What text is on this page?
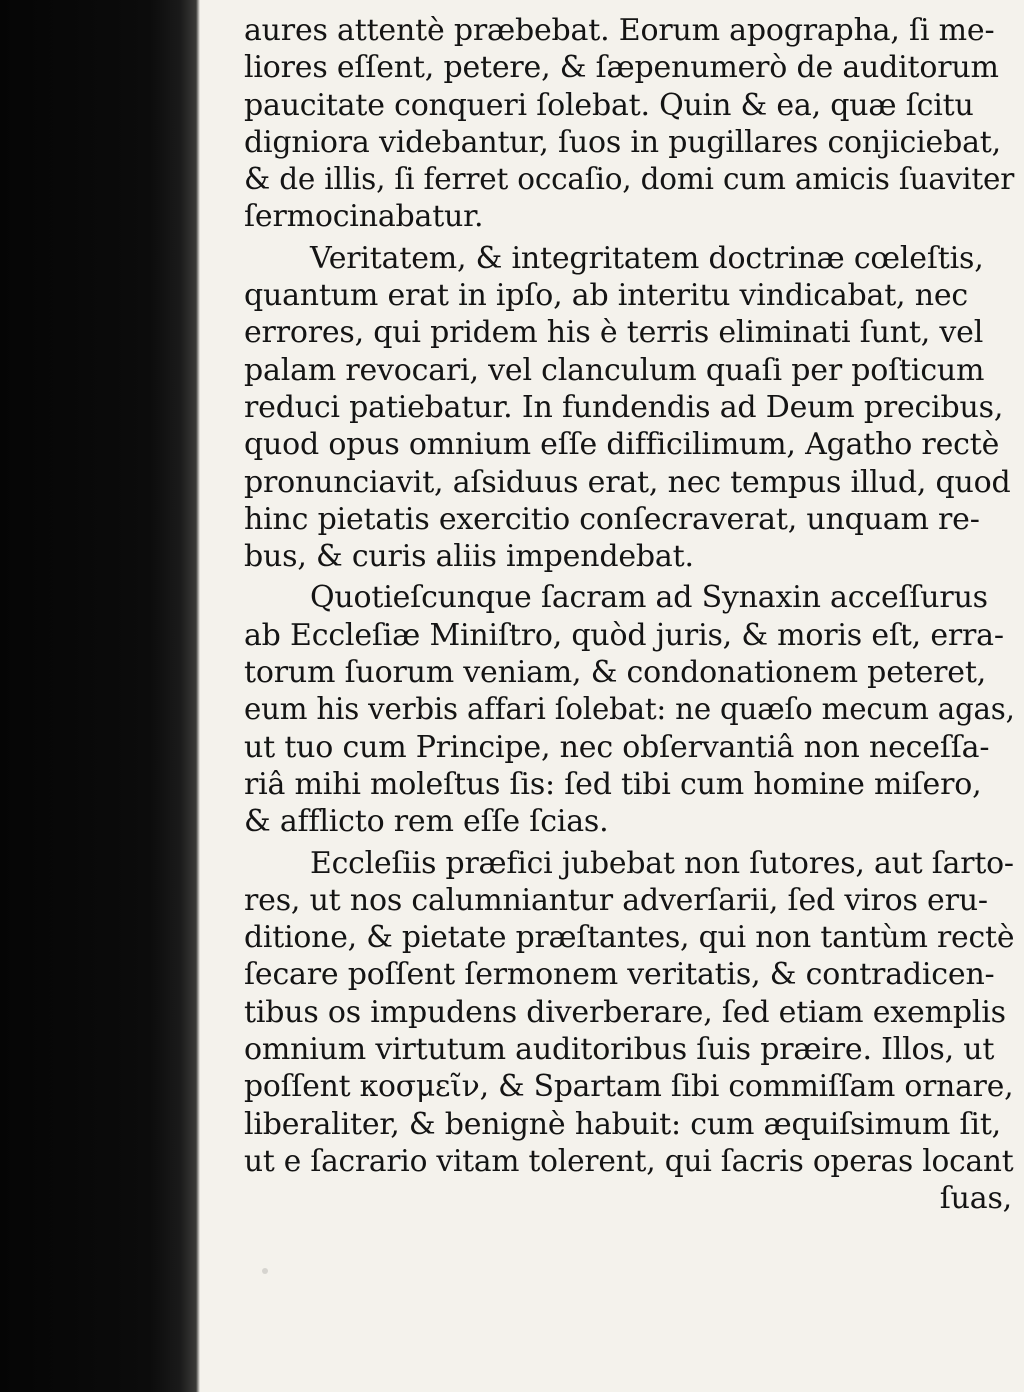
aures attentè præbebat. Eorum apographa, ſi me-
liores eſſent, petere, & ſæpenumerò de auditorum
paucitate conqueri ſolebat. Quin & ea, quæ ſcitu
digniora videbantur, ſuos in pugillares conjiciebat,
& de illis, ſi ferret occaſio, domi cum amicis ſuaviter
ſermocinabatur.
Veritatem, & integritatem doctrinæ cœleſtis,
quantum erat in ipſo, ab interitu vindicabat, nec
errores, qui pridem his è terris eliminati ſunt, vel
palam revocari, vel clanculum quaſi per poſticum
reduci patiebatur. In fundendis ad Deum precibus,
quod opus omnium eſſe difficilimum, Agatho rectè
pronunciavit, aſsiduus erat, nec tempus illud, quod
hinc pietatis exercitio conſecraverat, unquam re-
bus, & curis aliis impendebat.
Quotieſcunque ſacram ad Synaxin acceſſurus
ab Eccleſiæ Miniſtro, quòd juris, & moris eſt, erra-
torum ſuorum veniam, & condonationem peteret,
eum his verbis affari ſolebat: ne quæſo mecum agas,
ut tuo cum Principe, nec obſervantiâ non neceſſa-
riâ mihi moleſtus ſis: ſed tibi cum homine miſero,
& afflicto rem eſſe ſcias.
Eccleſiis præfici jubebat non ſutores, aut ſarto-
res, ut nos calumniantur adverſarii, ſed viros eru-
ditione, & pietate præſtantes, qui non tantùm rectè
ſecare poſſent ſermonem veritatis, & contradicen-
tibus os impudens diverberare, ſed etiam exemplis
omnium virtutum auditoribus ſuis præire. Illos, ut
poſſent κοσμεῖν, & Spartam ſibi commiſſam ornare,
liberaliter, & benignè habuit: cum æquiſsimum ſit,
ut e ſacrario vitam tolerent, qui ſacris operas locant
ſuas,
